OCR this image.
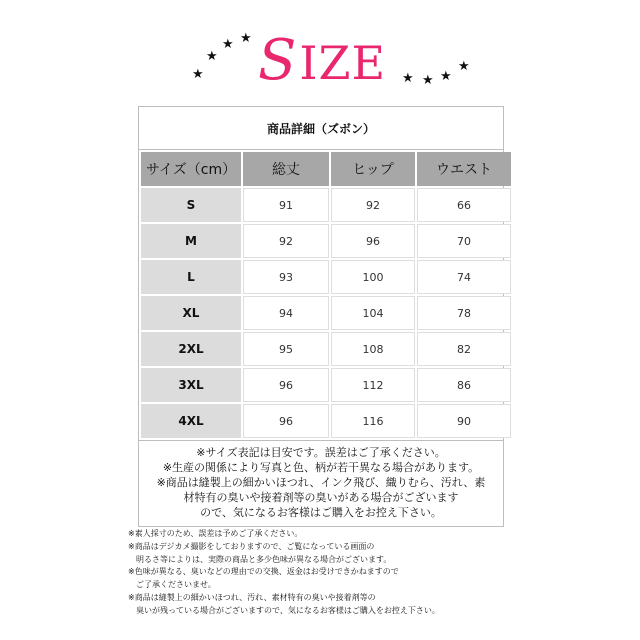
★
★
★ ★ S IZE ★ ★ ★
★
商品詳細（ズボン）
サイズ（cm）	総丈	ヒップ	ウエスト
S	91	92	66
M	92	96	70
L	93	100	74
XL	94	104	78
2XL	95	108	82
3XL	96	112	86
4XL	96	116	90

※サイズ表記は目安です。誤差はご了承ください。

※生産の関係により写真と色、柄が若干異なる場合があります。

※商品は縫製上の細かいほつれ、インク飛び、織りむら、汚れ、素

材特有の臭いや接着剤等の臭いがある場合がございます

ので、気になるお客様はご購入をお控え下さい。

※素人採寸のため、誤差は予めご了承ください。

※商品はデジカメ撮影をしておりますので、ご覧になっている画面の

　明るさ等によりは、実際の商品と多少色味が異なる場合がございます。

※色味が異なる、臭いなどの理由での交換、返金はお受けできかねますので

　ご了承くださいませ。

※商品は縫製上の細かいほつれ、汚れ、素材特有の臭いや接着剤等の

　臭いが残っている場合がございますので、気になるお客様はご購入をお控え下さい。
